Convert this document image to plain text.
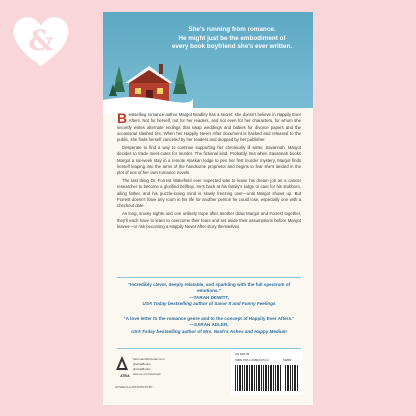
&	She's running from romance.
He might just be the embodiment of
every book boyfriend she's ever written.

Bestselling romance author Margot Bradley has a secret: she doesn't believe in Happily Ever Afters. Not for herself, not for her readers, and not even for her characters, for whom she secretly writes alternate endings that swap weddings and babies for divorce papers and the occasional slashed tire. When her Happily Never After document is hacked and released to the public, she finds herself canceled by her readers and dropped by her publisher.

Desperate to find a way to continue supporting her chronically ill sister, Savannah, Margot decides to trade meet-cutes for murder. The fictional kind. Probably. But when Savannah books Margot a six-week stay in a remote Alaskan lodge to pen her first murder mystery, Margot finds herself leaping into the arms of the handsome proprietor and begins to fear she's landed in the plot of one of her own romance novels.

The last thing Dr. Forrest Wakefield ever expected was to leave his dream job as a cancer researcher to become a glorified bellhop. He's back at his family's lodge to care for his stubborn, ailing father, and his puzzle-loving mind is slowly freezing over—until Margot shows up. But Forrest doesn't have any room in his life for another person he could lose, especially one with a checkout date.

As long, snowy nights and one unlikely trope after another draw Margot and Forrest together, they'll each have to learn to overcome their fears and set aside their assumptions before Margot leaves—or risk becoming a Happily Never After story themselves.

"Incredibly clever, deeply relatable, and sparkling with the full spectrum of emotions."
—TARAH DEWITT,
USA Today bestselling author of Savor It and Funny Feelings
"A love letter to the romance genre and to the concept of Happily Ever Afters."
—SARAH ADLER,
USA Today bestselling author of Mrs. Nash's Ashes and Happy Medium
ATRIA
SimonandSchuster.com
@AtriaBooks
@AtriaBooks
Like us on Facebook
COVER ILLUSTRATION BY ...
US $18.99
ISBN 978-1-6680-5074-4	51899
